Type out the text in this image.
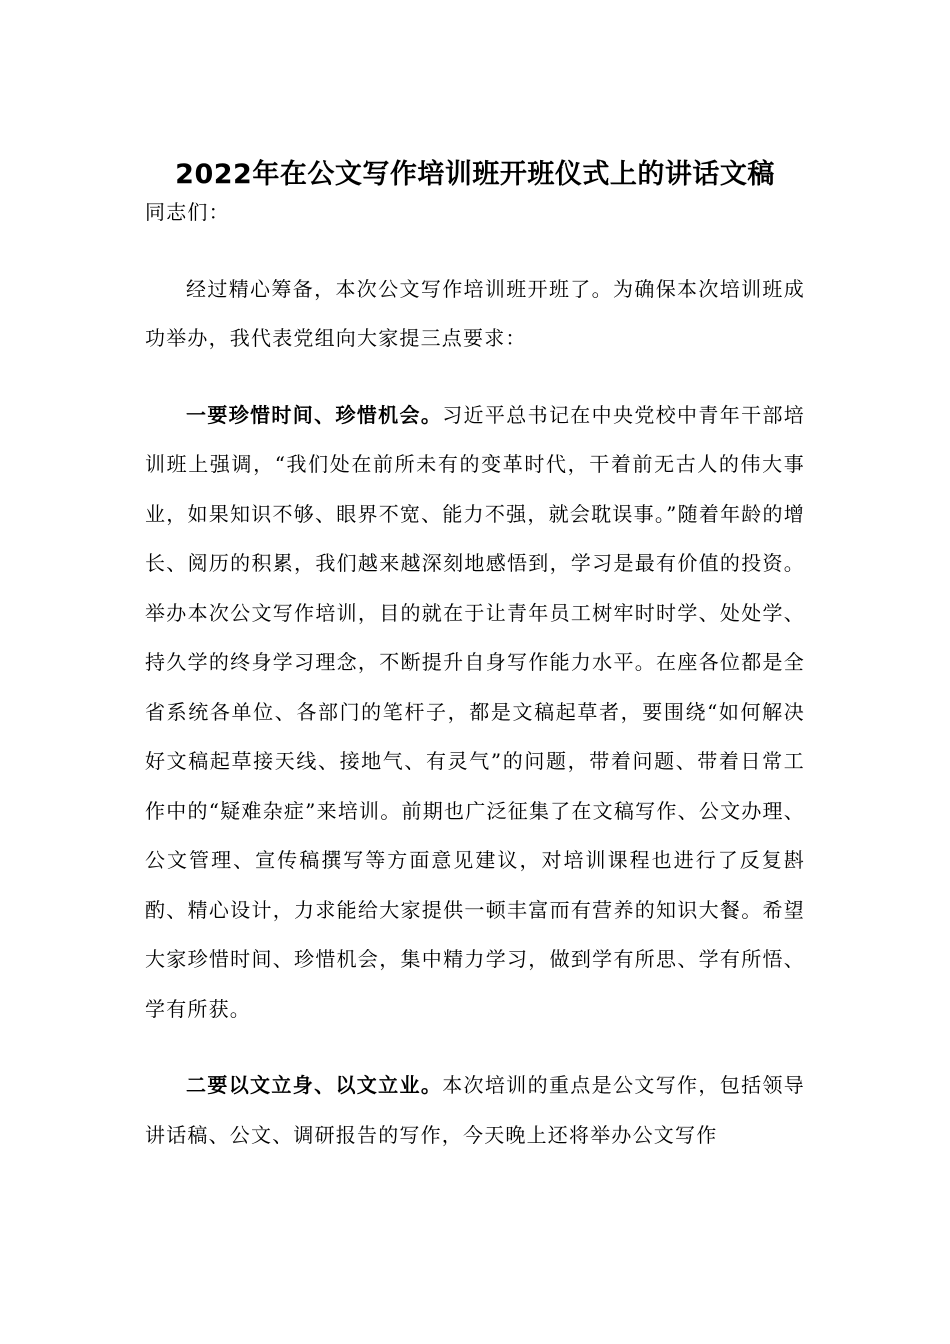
2022年在公文写作培训班开班仪式上的讲话文稿

同志们：

经过精心筹备，本次公文写作培训班开班了。为确保本次培训班成功举办，我代表党组向大家提三点要求：

一要珍惜时间、珍惜机会。习近平总书记在中央党校中青年干部培训班上强调，“我们处在前所未有的变革时代，干着前无古人的伟大事业，如果知识不够、眼界不宽、能力不强，就会耽误事。”随着年龄的增长、阅历的积累，我们越来越深刻地感悟到，学习是最有价值的投资。举办本次公文写作培训，目的就在于让青年员工树牢时时学、处处学、持久学的终身学习理念，不断提升自身写作能力水平。在座各位都是全省系统各单位、各部门的笔杆子，都是文稿起草者，要围绕“如何解决好文稿起草接天线、接地气、有灵气”的问题，带着问题、带着日常工作中的“疑难杂症”来培训。前期也广泛征集了在文稿写作、公文办理、公文管理、宣传稿撰写等方面意见建议，对培训课程也进行了反复斟酌、精心设计，力求能给大家提供一顿丰富而有营养的知识大餐。希望大家珍惜时间、珍惜机会，集中精力学习，做到学有所思、学有所悟、学有所获。

二要以文立身、以文立业。本次培训的重点是公文写作，包括领导讲话稿、公文、调研报告的写作，今天晚上还将举办公文写作
